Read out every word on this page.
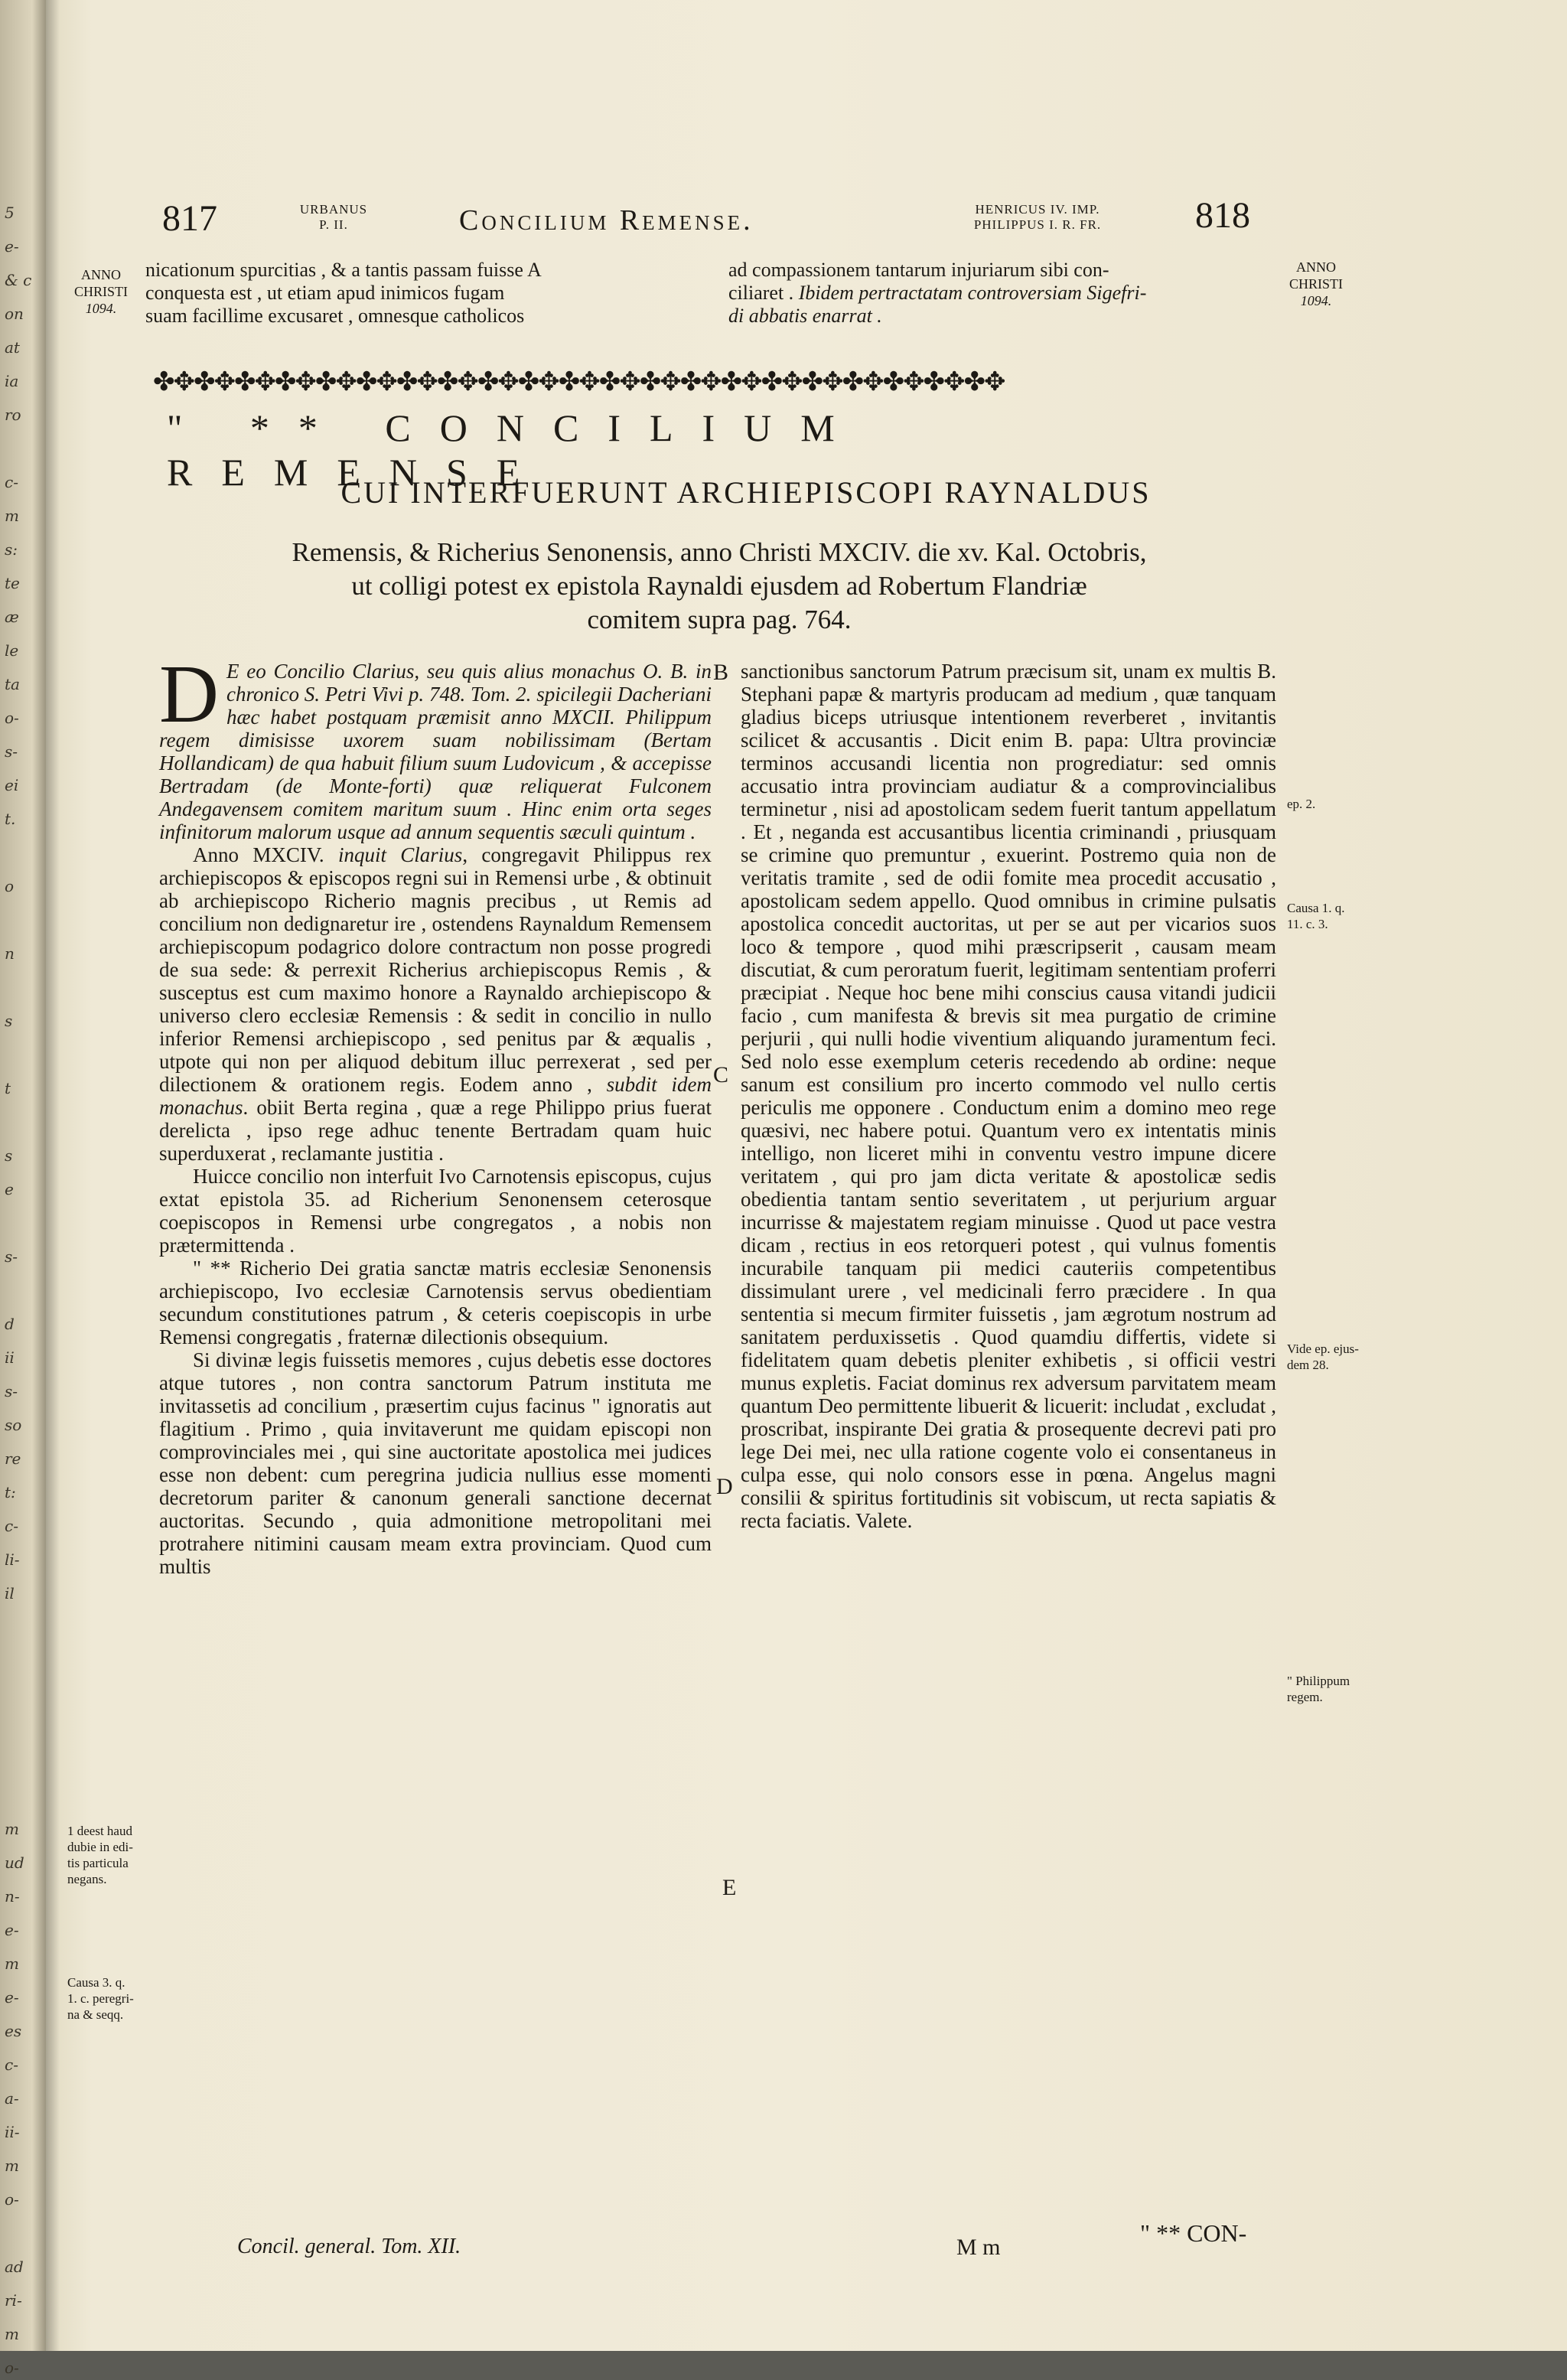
5
e-
& c
on
at
ia
ro
c-
m
s:
te
æ
le
ta
o-
s-
ei
t.
o
n
s
t
s
e
s-
d
ii
s-
so
re
t:
c-
li-
il
m
ud
n-
e-
m
e-
es
c-
a-
ii-
m
o-
ad
ri-
m
o-
817	URBANUS
P. II.	Concilium Remense.	HENRICUS IV. IMP.
PHILIPPUS I. R. FR.	818
ANNO
CHRISTI
1094.
ANNO
CHRISTI
1094.

nicationum spurcitias , & a tantis passam fuisse A

conquesta est , ut etiam apud inimicos fugam

suam facillime excusaret , omnesque catholicos

ad compassionem tantarum injuriarum sibi con-

ciliaret . Ibidem pertractatam controversiam Sigefri-

di abbatis enarrat .

✤✥✤✥✤✥✤✥✤✥✤✥✤✥✤✥✤✥✤✥✤✥✤✥✤✥✤✥✤✥✤✥✤✥✤✥✤✥✤✥✤✥
" ** CONCILIUM REMENSE
CUI INTERFUERUNT ARCHIEPISCOPI RAYNALDUS
Remensis, & Richerius Senonensis, anno Christi MXCIV. die xv. Kal. Octobris,
ut colligi potest ex epistola Raynaldi ejusdem ad Robertum Flandriæ
comitem supra pag. 764.

D E eo Concilio Clarius, seu quis alius monachus O. B. in chronico S. Petri Vivi p. 748. Tom. 2. spicilegii Dacheriani hæc habet postquam præmisit anno MXCII. Philippum regem dimisisse uxorem suam nobilissimam (Bertam Hollandicam) de qua habuit filium suum Ludovicum , & accepisse Bertradam (de Monte-forti) quæ reliquerat Fulconem Andegavensem comitem maritum suum . Hinc enim orta seges infinitorum malorum usque ad annum sequentis sæculi quintum .

Anno MXCIV. inquit Clarius, congregavit Philippus rex archiepiscopos & episcopos regni sui in Remensi urbe , & obtinuit ab archiepiscopo Richerio magnis precibus , ut Remis ad concilium non dedignaretur ire , ostendens Raynaldum Remensem archiepiscopum podagrico dolore contractum non posse progredi de sua sede: & perrexit Richerius archiepiscopus Remis , & susceptus est cum maximo honore a Raynaldo archiepiscopo & universo clero ecclesiæ Remensis : & sedit in concilio in nullo inferior Remensi archiepiscopo , sed penitus par & æqualis , utpote qui non per aliquod debitum illuc perrexerat , sed per dilectionem & orationem regis. Eodem anno , subdit idem monachus. obiit Berta regina , quæ a rege Philippo prius fuerat derelicta , ipso rege adhuc tenente Bertradam quam huic superduxerat , reclamante justitia .

Huicce concilio non interfuit Ivo Carnotensis episcopus, cujus extat epistola 35. ad Richerium Senonensem ceterosque coepiscopos in Remensi urbe congregatos , a nobis non prætermittenda .

" ** Richerio Dei gratia sanctæ matris ecclesiæ Senonensis archiepiscopo, Ivo ecclesiæ Carnotensis servus obedientiam secundum constitutiones patrum , & ceteris coepiscopis in urbe Remensi congregatis , fraternæ dilectionis obsequium.

Si divinæ legis fuissetis memores , cujus debetis esse doctores atque tutores , non contra sanctorum Patrum instituta me invitassetis ad concilium , præsertim cujus facinus " ignoratis aut flagitium . Primo , quia invitaverunt me quidam episcopi non comprovinciales mei , qui sine auctoritate apostolica mei judices esse non debent: cum peregrina judicia nullius esse momenti decretorum pariter & canonum generali sanctione decernat auctoritas. Secundo , quia admonitione metropolitani mei protrahere nitimini causam meam extra provinciam. Quod cum multis

sanctionibus sanctorum Patrum præcisum sit, unam ex multis B. Stephani papæ & martyris producam ad medium , quæ tanquam gladius biceps utriusque intentionem reverberet , invitantis scilicet & accusantis . Dicit enim B. papa: Ultra provinciæ terminos accusandi licentia non progrediatur: sed omnis accusatio intra provinciam audiatur & a comprovincialibus terminetur , nisi ad apostolicam sedem fuerit tantum appellatum . Et , neganda est accusantibus licentia criminandi , priusquam se crimine quo premuntur , exuerint. Postremo quia non de veritatis tramite , sed de odii fomite mea procedit accusatio , apostolicam sedem appello. Quod omnibus in crimine pulsatis apostolica concedit auctoritas, ut per se aut per vicarios suos loco & tempore , quod mihi præscripserit , causam meam discutiat, & cum peroratum fuerit, legitimam sententiam proferri præcipiat . Neque hoc bene mihi conscius causa vitandi judicii facio , cum manifesta & brevis sit mea purgatio de crimine perjurii , qui nulli hodie viventium aliquando juramentum feci. Sed nolo esse exemplum ceteris recedendo ab ordine: neque sanum est consilium pro incerto commodo vel nullo certis periculis me opponere . Conductum enim a domino meo rege quæsivi, nec habere potui. Quantum vero ex intentatis minis intelligo, non liceret mihi in conventu vestro impune dicere veritatem , qui pro jam dicta veritate & apostolicæ sedis obedientia tantam sentio severitatem , ut perjurium arguar incurrisse & majestatem regiam minuisse . Quod ut pace vestra dicam , rectius in eos retorqueri potest , qui vulnus fomentis incurabile tanquam pii medici cauteriis competentibus dissimulant urere , vel medicinali ferro præcidere . In qua sententia si mecum firmiter fuissetis , jam ægrotum nostrum ad sanitatem perduxissetis . Quod quamdiu differtis, videte si fidelitatem quam debetis pleniter exhibetis , si officii vestri munus expletis. Faciat dominus rex adversum parvitatem meam quantum Deo permittente libuerit & licuerit: includat , excludat , proscribat, inspirante Dei gratia & prosequente decrevi pati pro lege Dei mei, nec ulla ratione cogente volo ei consentaneus in culpa esse, qui nolo consors esse in pœna. Angelus magni consilii & spiritus fortitudinis sit vobiscum, ut recta sapiatis & recta faciatis. Valete.

B
C
D
E
1 deest haud
dubie in edi-
tis particula
negans.
Causa 3. q.
1. c. peregri-
na & seqq.
ep. 2.
Causa 1. q.
11. c. 3.
Vide ep. ejus-
dem 28.
" Philippum
regem.
Concil. general. Tom. XII.	M m
" ** CON-
